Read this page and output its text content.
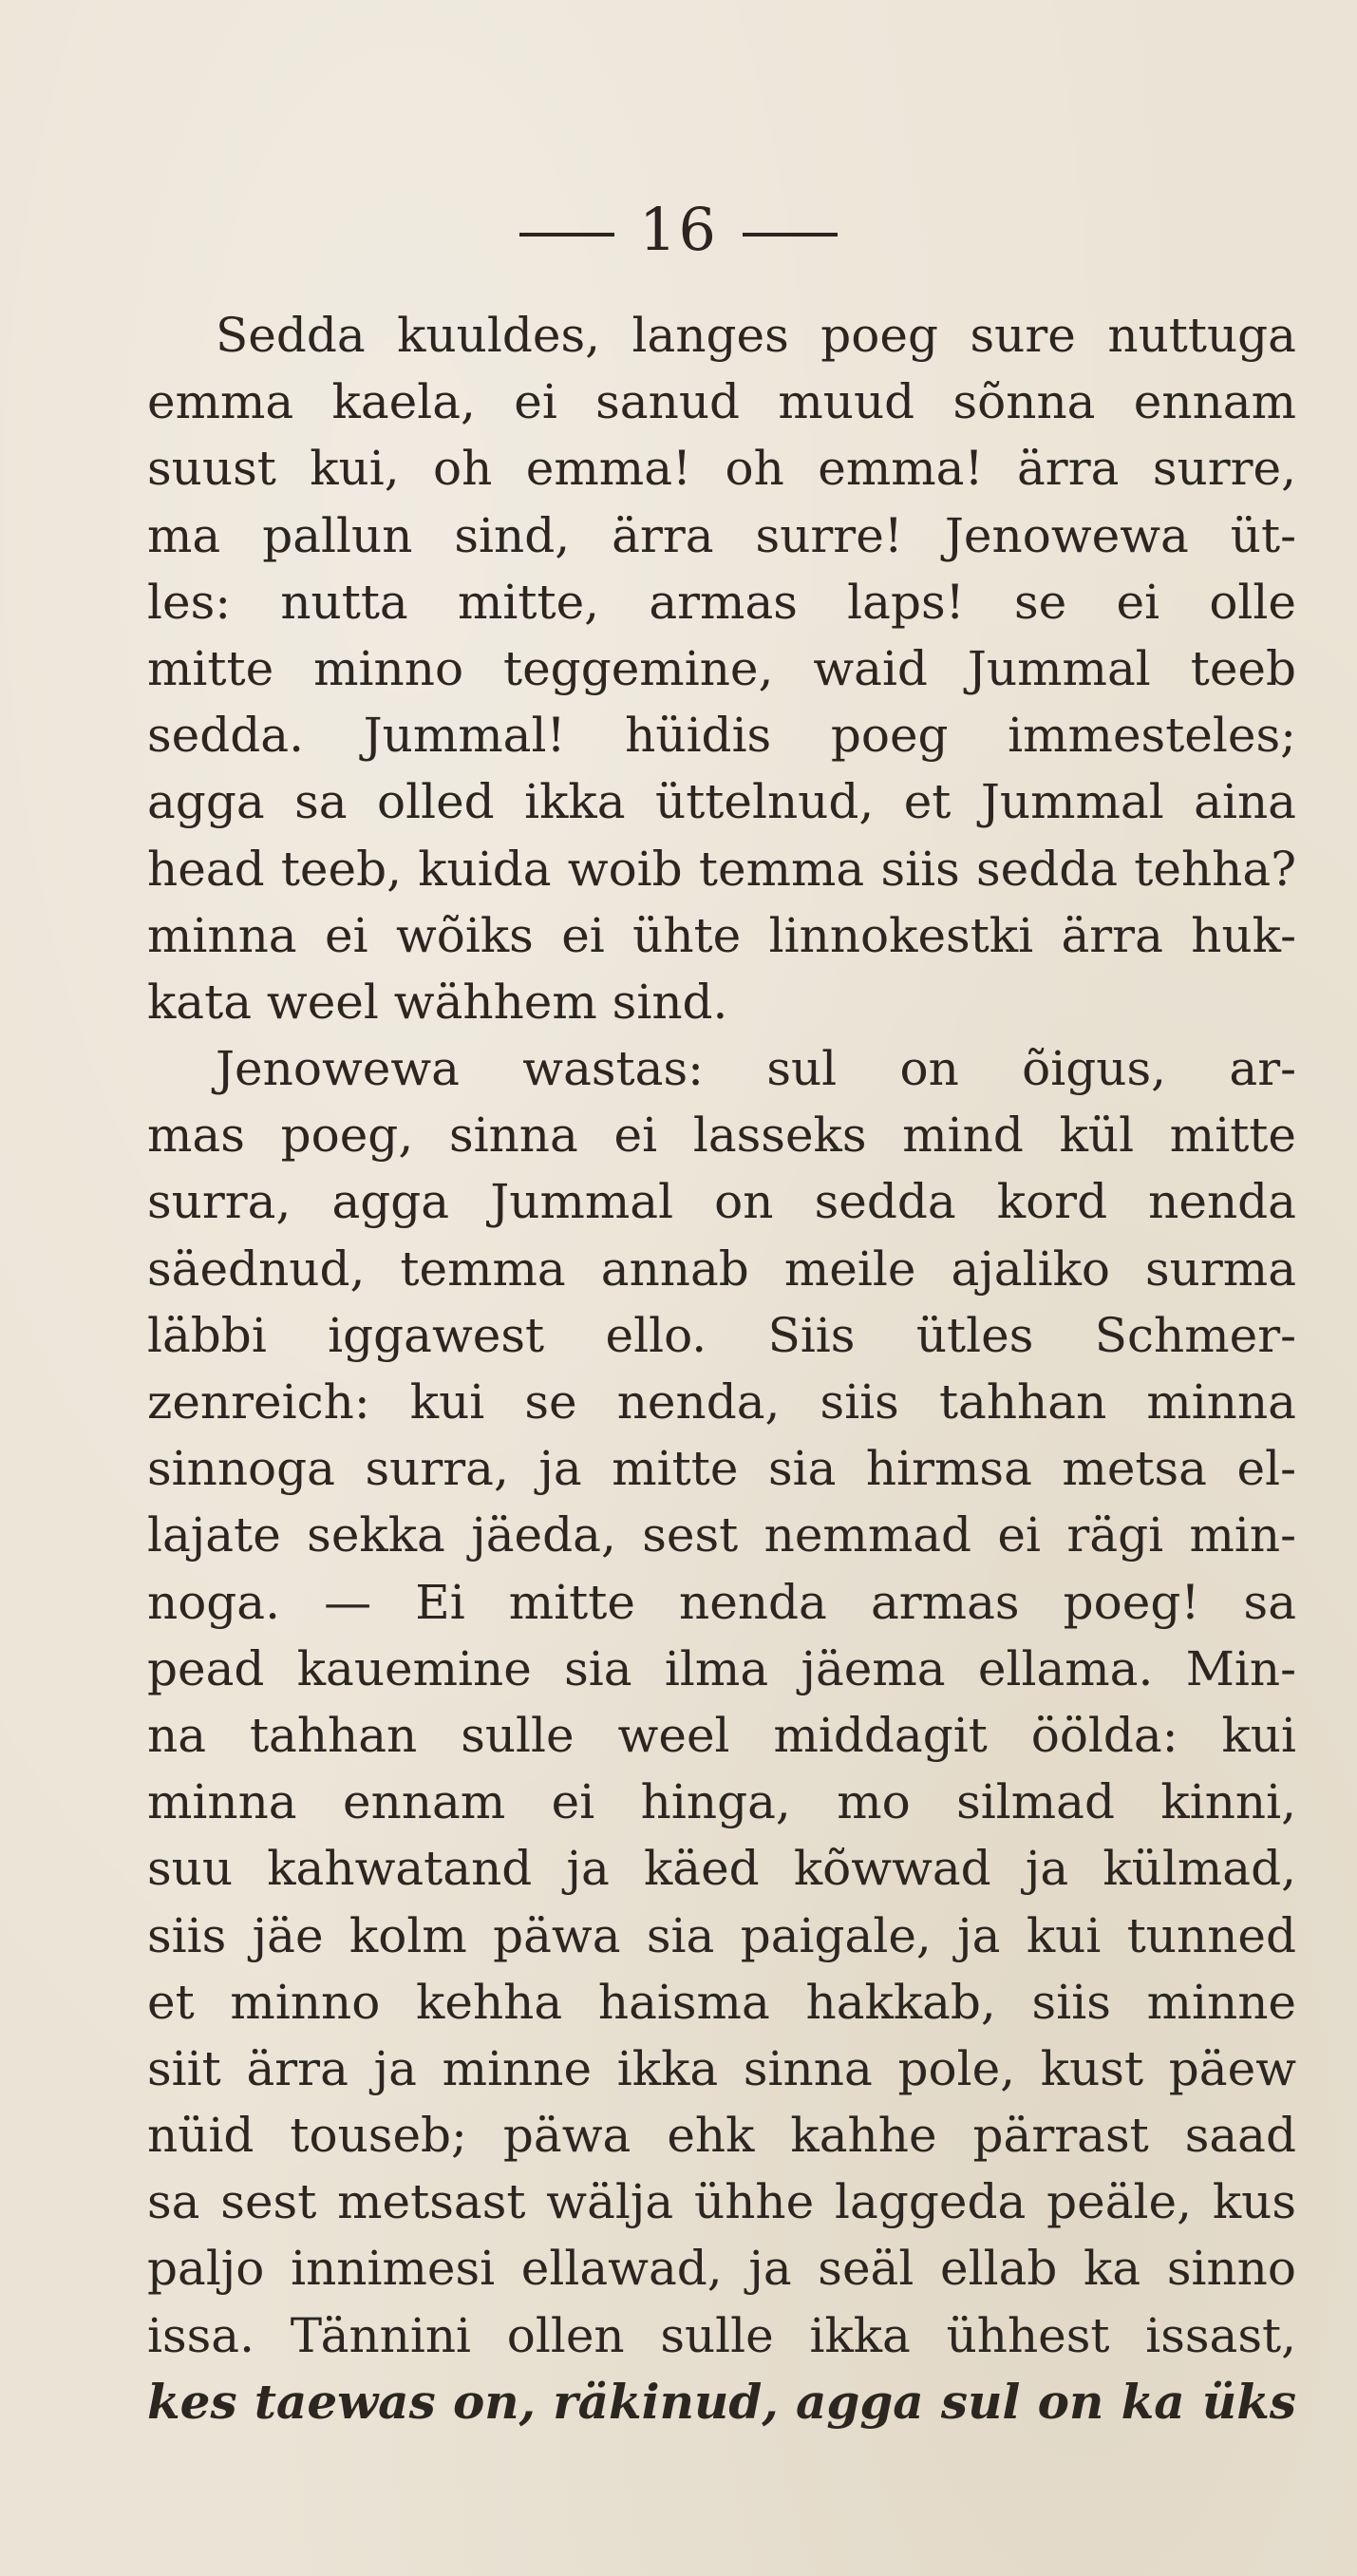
16
Sedda kuuldes, langes poeg sure nuttuga
emma kaela, ei sanud muud sõnna ennam
suust kui, oh emma! oh emma! ärra surre,
ma pallun sind, ärra surre! Jenowewa üt-
les: nutta mitte, armas laps! se ei olle
mitte minno teggemine, waid Jummal teeb
sedda. Jummal! hüidis poeg immesteles;
agga sa olled ikka üttelnud, et Jummal aina
head teeb, kuida woib temma siis sedda tehha?
minna ei wõiks ei ühte linnokestki ärra huk-
kata weel wähhem sind.
Jenowewa wastas: sul on õigus, ar-
mas poeg, sinna ei lasseks mind kül mitte
surra, agga Jummal on sedda kord nenda
säednud, temma annab meile ajaliko surma
läbbi iggawest ello. Siis ütles Schmer-
zenreich: kui se nenda, siis tahhan minna
sinnoga surra, ja mitte sia hirmsa metsa el-
lajate sekka jäeda, sest nemmad ei rägi min-
noga. — Ei mitte nenda armas poeg! sa
pead kauemine sia ilma jäema ellama. Min-
na tahhan sulle weel middagit öölda: kui
minna ennam ei hinga, mo silmad kinni,
suu kahwatand ja käed kõwwad ja külmad,
siis jäe kolm päwa sia paigale, ja kui tunned
et minno kehha haisma hakkab, siis minne
siit ärra ja minne ikka sinna pole, kust päew
nüid touseb; päwa ehk kahhe pärrast saad
sa sest metsast wälja ühhe laggeda peäle, kus
paljo innimesi ellawad, ja seäl ellab ka sinno
issa. Tännini ollen sulle ikka ühhest issast,
kes taewas on, räkinud, agga sul on ka üks
